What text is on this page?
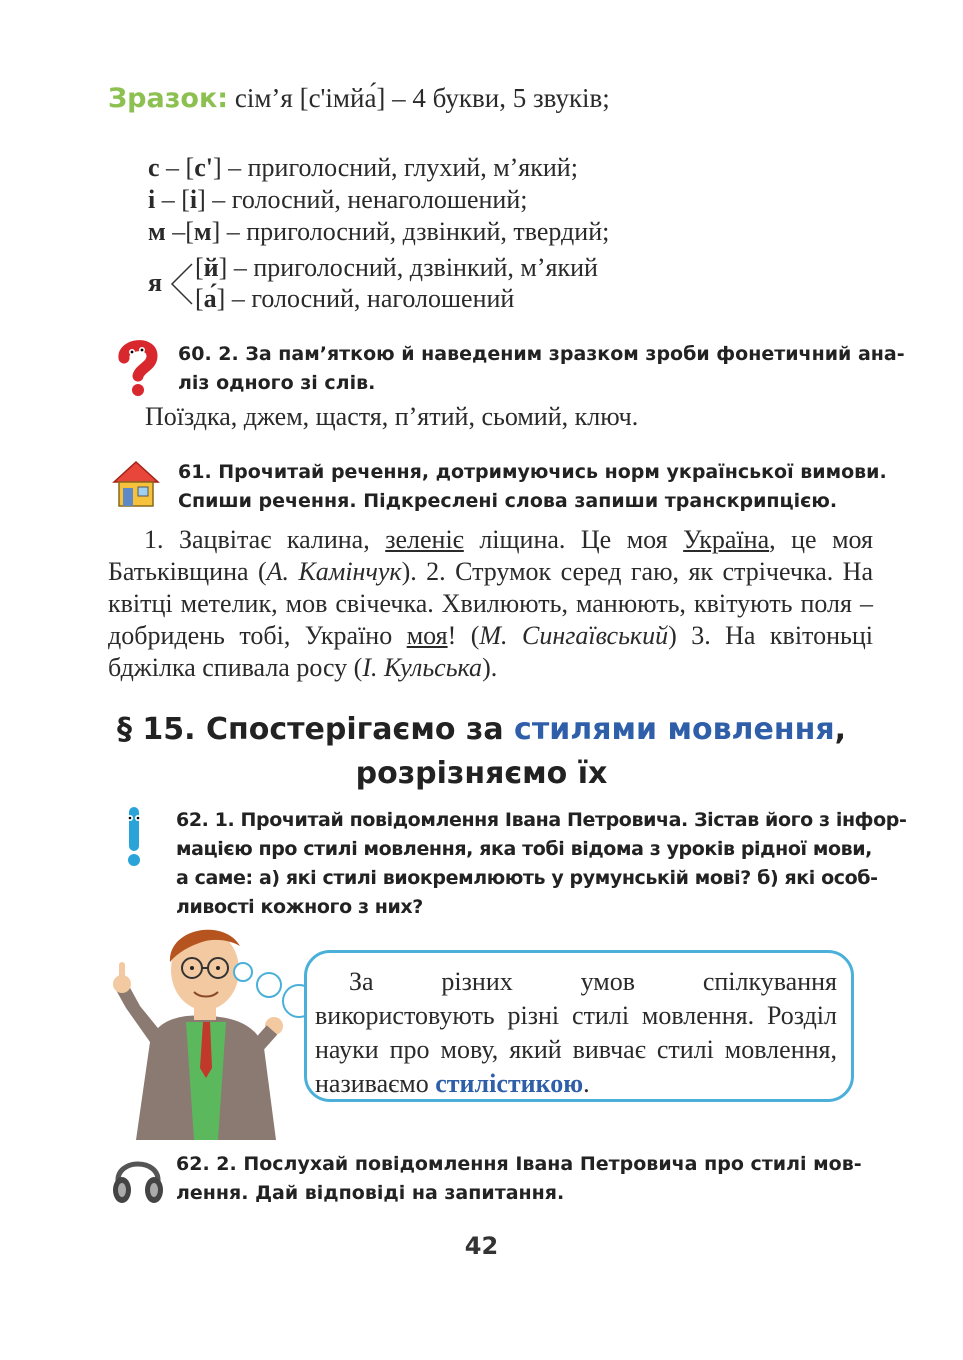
Зразок: сім’я [с'імйа́] – 4 букви, 5 звуків;
с – [с'] – приголосний, глухий, м’який;
і – [і] – голосний, ненаголошений;
м –[м] – приголосний, дзвінкий, твердий;
я
[й] – приголосний, дзвінкий, м’який
[а́] – голосний, наголошений
60. 2. За пам’яткою й наведеним зразком зроби фонетичний ана-
ліз одного зі слів.
Поїздка, джем, щастя, п’ятий, сьомий, ключ.
61. Прочитай речення, дотримуючись норм української вимови.
Спиши речення. Підкреслені слова запиши транскрипцією.
1. Зацвітає калина, зеленіє ліщина. Це моя Україна, це моя Батьківщина (А. Камінчук). 2. Струмок серед гаю, як стрічечка. На квітці метелик, мов свічечка. Хвилюють, манюють, квітують поля – добридень тобі, Україно моя! (М. Сингаївський) 3. На квітоньці бджілка спивала росу (І. Кульська).
§ 15. Спостерігаємо за стилями мовлення,
розрізняємо їх
62. 1. Прочитай повідомлення Івана Петровича. Зістав його з інфор-
мацією про стилі мовлення, яка тобі відома з уроків рідної мови,
а саме: а) які стилі виокремлюють у румунській мові? б) які особ-
ливості кожного з них?
За різних умов спілкування використовують різні стилі мовлення. Розділ науки про мову, який вивчає стилі мовлення, називаємо стилістикою.
62. 2. Послухай повідомлення Івана Петровича про стилі мов-
лення. Дай відповіді на запитання.
42
